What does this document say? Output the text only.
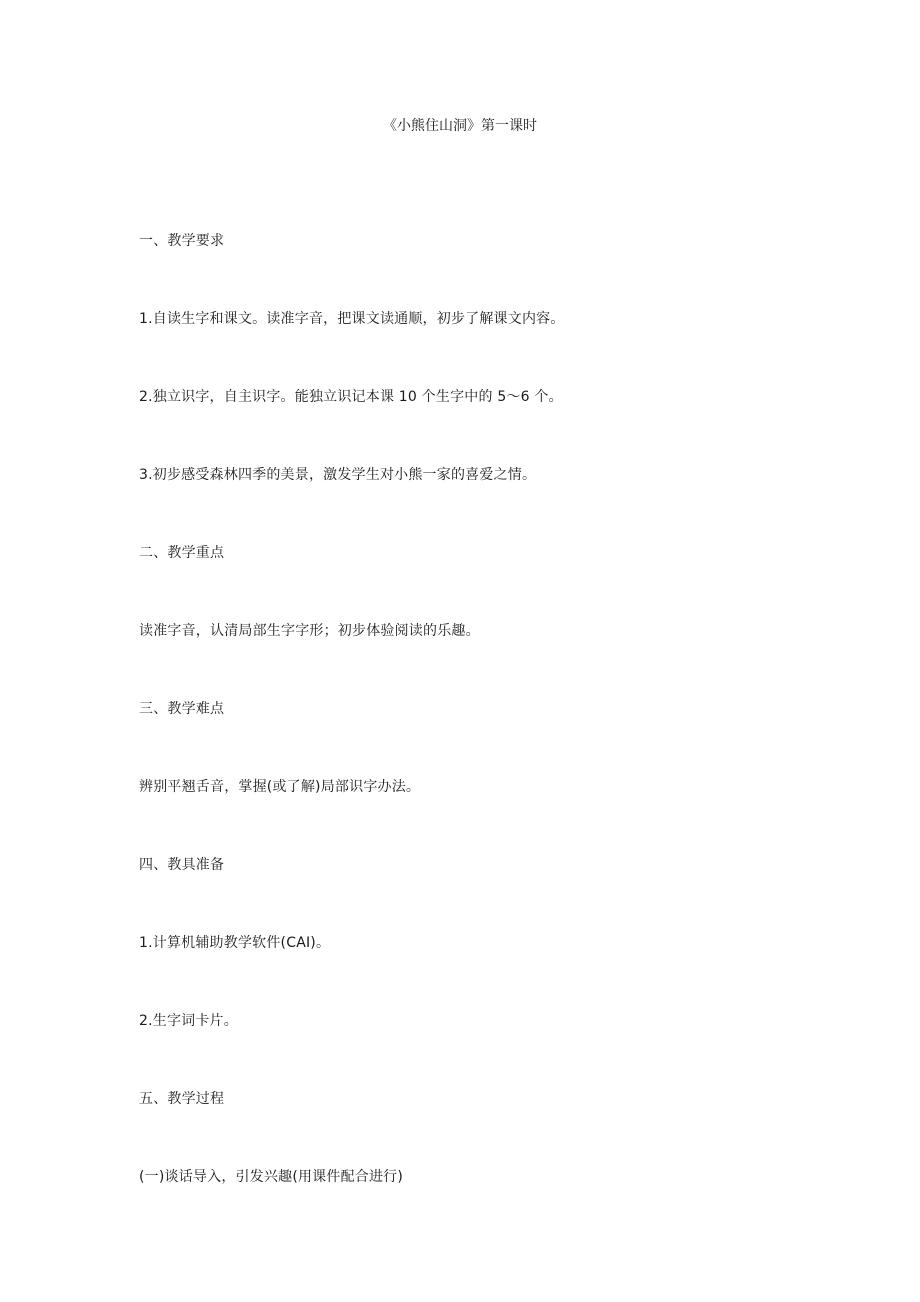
《小熊住山洞》第一课时
一、教学要求
1.自读生字和课文。读准字音，把课文读通顺，初步了解课文内容。
2.独立识字，自主识字。能独立识记本课 10 个生字中的 5～6 个。
3.初步感受森林四季的美景，激发学生对小熊一家的喜爱之情。
二、教学重点
读准字音，认清局部生字字形；初步体验阅读的乐趣。
三、教学难点
辨别平翘舌音，掌握(或了解)局部识字办法。
四、教具准备
1.计算机辅助教学软件(CAI)。
2.生字词卡片。
五、教学过程
(一)谈话导入，引发兴趣(用课件配合进行)
